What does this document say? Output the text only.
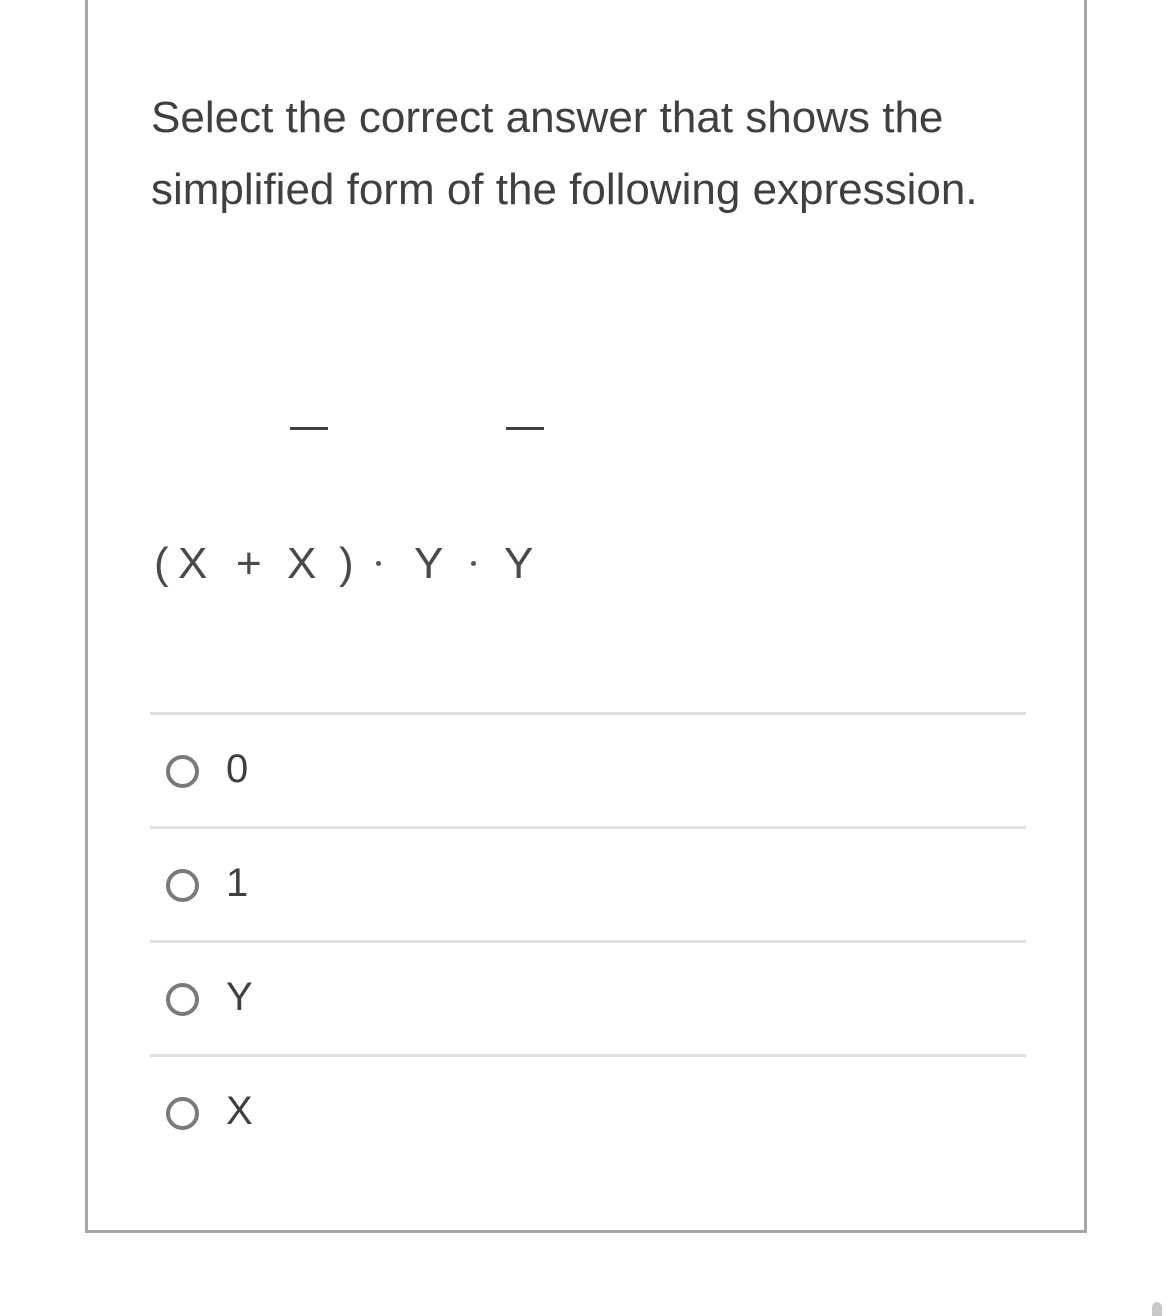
Select the correct answer that shows the simplified form of the following expression.

( X + X ) Y Y
0
1
Y
X
